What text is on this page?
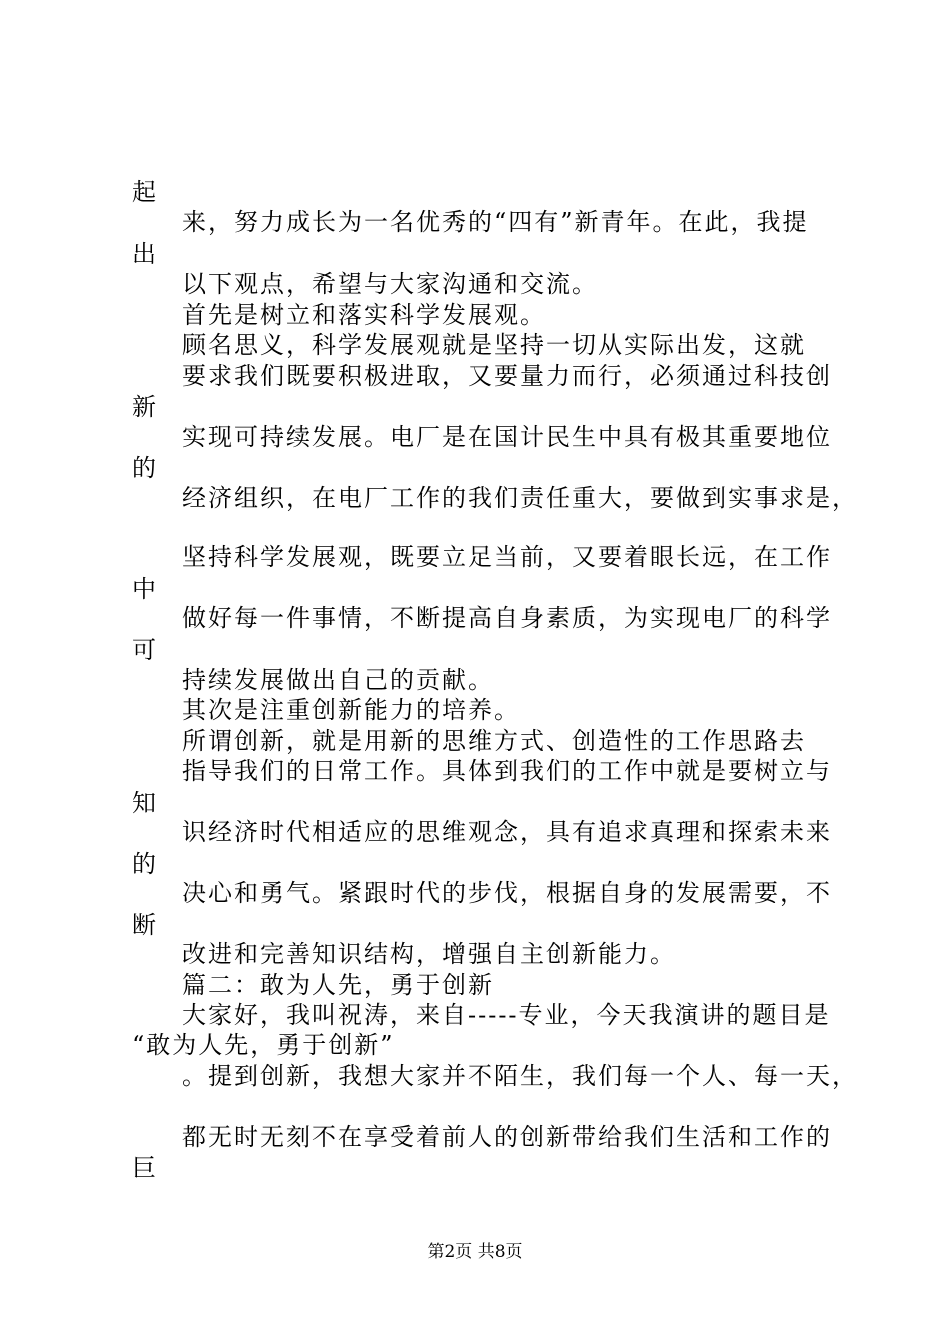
起
来，努力成长为一名优秀的“四有”新青年。在此，我提
出
以下观点，希望与大家沟通和交流。
首先是树立和落实科学发展观。
顾名思义，科学发展观就是坚持一切从实际出发，这就
要求我们既要积极进取，又要量力而行，必须通过科技创
新
实现可持续发展。电厂是在国计民生中具有极其重要地位
的
经济组织，在电厂工作的我们责任重大，要做到实事求是，
坚持科学发展观，既要立足当前，又要着眼长远，在工作
中
做好每一件事情，不断提高自身素质，为实现电厂的科学
可
持续发展做出自己的贡献。
其次是注重创新能力的培养。
所谓创新，就是用新的思维方式、创造性的工作思路去
指导我们的日常工作。具体到我们的工作中就是要树立与
知
识经济时代相适应的思维观念，具有追求真理和探索未来
的
决心和勇气。紧跟时代的步伐，根据自身的发展需要，不
断
改进和完善知识结构，增强自主创新能力。
篇二：敢为人先，勇于创新
大家好，我叫祝涛，来自-----专业，今天我演讲的题目是
“敢为人先，勇于创新”
。提到创新，我想大家并不陌生，我们每一个人、每一天，
都无时无刻不在享受着前人的创新带给我们生活和工作的
巨
第2页 共8页
